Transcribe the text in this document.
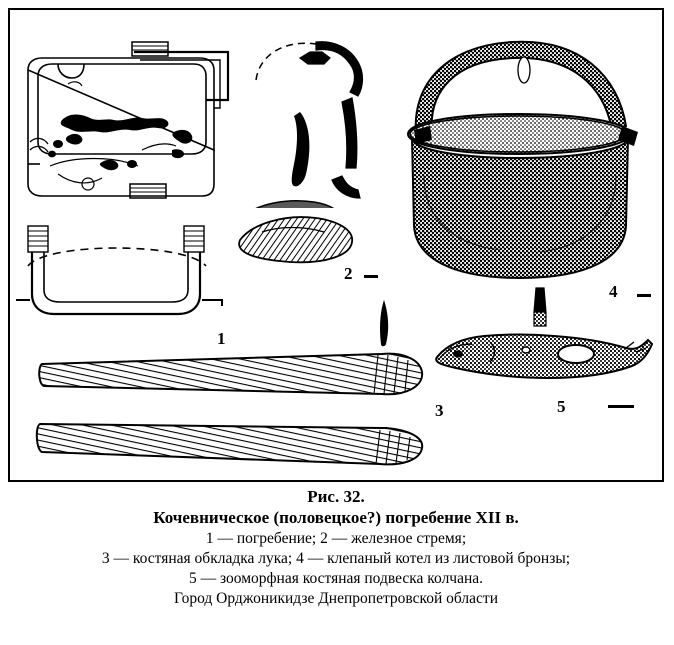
1
2
3
4
5

Рис. 32.

Кочевническое (половецкое?) погребение XII в.

1 — погребение; 2 — железное стремя;

3 — костяная обкладка лука; 4 — клепаный котел из листовой бронзы;

5 — зооморфная костяная подвеска колчана.

Город Орджоникидзе Днепропетровской области
